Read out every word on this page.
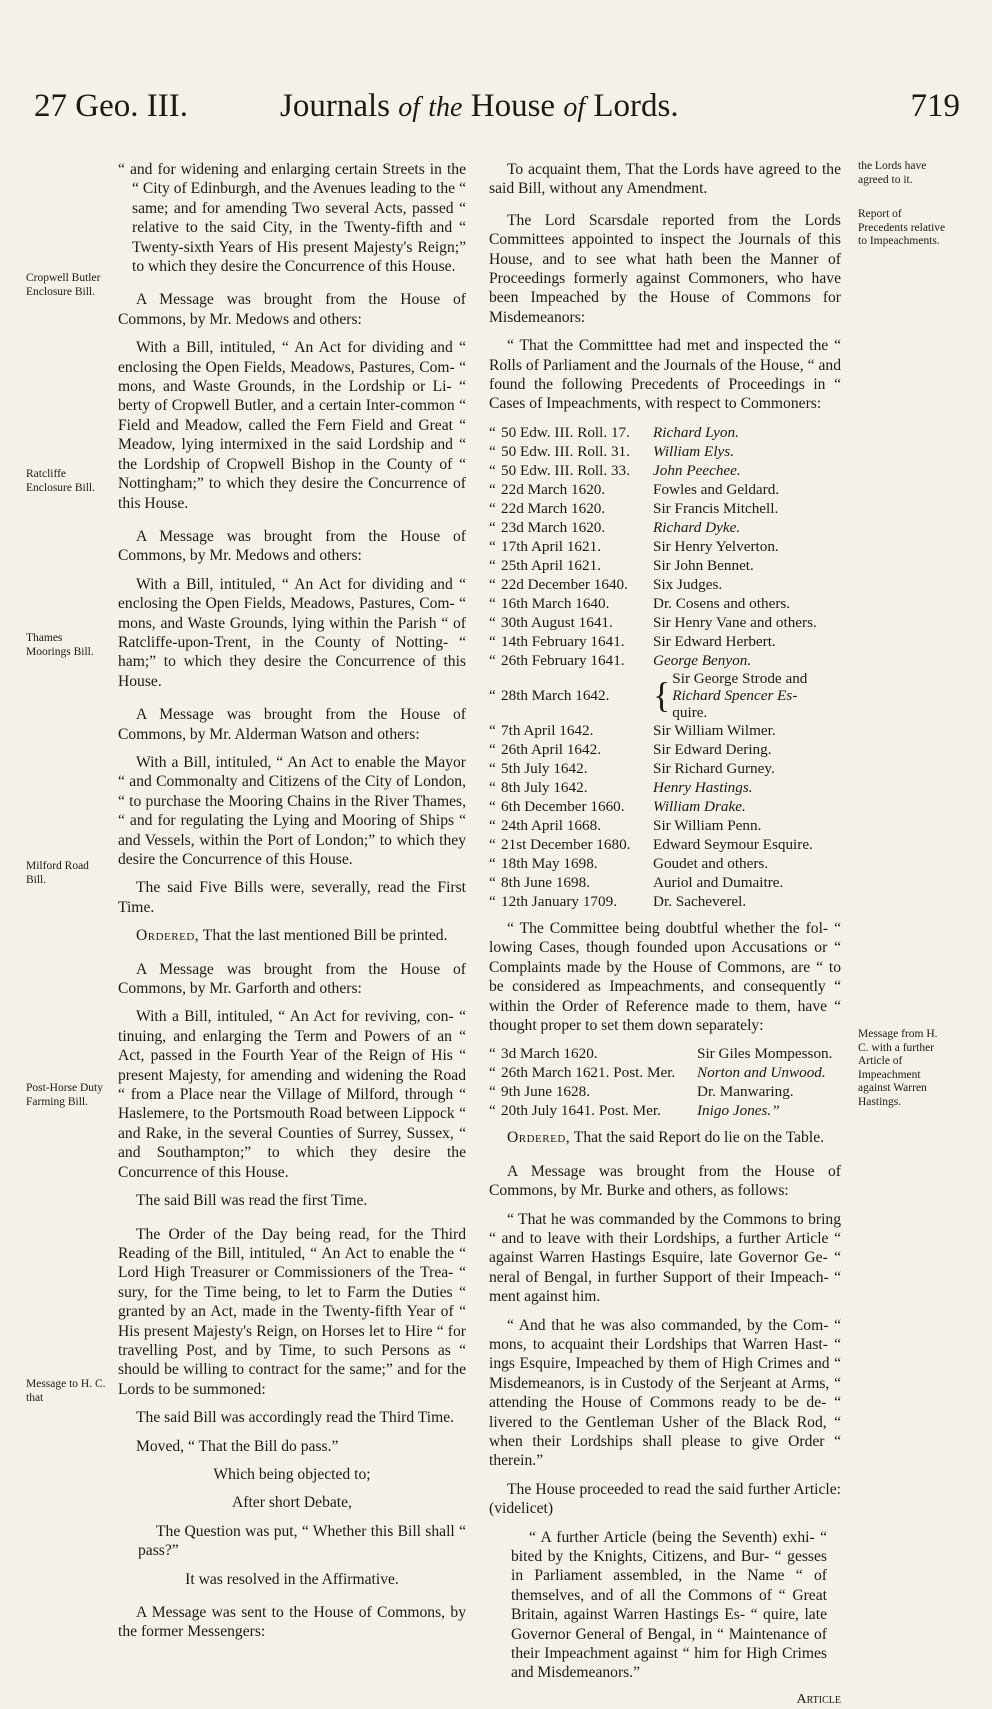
27 Geo. III.	Journals of the House of Lords.	719
Cropwell Butler Enclosure Bill.
Ratcliffe Enclosure Bill.
Thames Moorings Bill.
Milford Road Bill.
Post-Horse Duty Farming Bill.
Message to H. C. that
the Lords have agreed to it.
Report of Precedents relative to Impeachments.
Message from H. C. with a further Article of Impeachment against Warren Hastings.

“ and for widening and enlarging certain Streets in the “ City of Edinburgh, and the Avenues leading to the “ same; and for amending Two several Acts, passed “ relative to the said City, in the Twenty-fifth and “ Twenty-sixth Years of His present Majesty's Reign;” to which they desire the Concurrence of this House.

A Message was brought from the House of Commons, by Mr. Medows and others:

With a Bill, intituled, “ An Act for dividing and “ enclosing the Open Fields, Meadows, Pastures, Com- “ mons, and Waste Grounds, in the Lordship or Li- “ berty of Cropwell Butler, and a certain Inter-common “ Field and Meadow, called the Fern Field and Great “ Meadow, lying intermixed in the said Lordship and “ the Lordship of Cropwell Bishop in the County of “ Nottingham;” to which they desire the Concurrence of this House.

A Message was brought from the House of Commons, by Mr. Medows and others:

With a Bill, intituled, “ An Act for dividing and “ enclosing the Open Fields, Meadows, Pastures, Com- “ mons, and Waste Grounds, lying within the Parish “ of Ratcliffe-upon-Trent, in the County of Notting- “ ham;” to which they desire the Concurrence of this House.

A Message was brought from the House of Commons, by Mr. Alderman Watson and others:

With a Bill, intituled, “ An Act to enable the Mayor “ and Commonalty and Citizens of the City of London, “ to purchase the Mooring Chains in the River Thames, “ and for regulating the Lying and Mooring of Ships “ and Vessels, within the Port of London;” to which they desire the Concurrence of this House.

The said Five Bills were, severally, read the First Time.

Ordered, That the last mentioned Bill be printed.

A Message was brought from the House of Commons, by Mr. Garforth and others:

With a Bill, intituled, “ An Act for reviving, con- “ tinuing, and enlarging the Term and Powers of an “ Act, passed in the Fourth Year of the Reign of His “ present Majesty, for amending and widening the Road “ from a Place near the Village of Milford, through “ Haslemere, to the Portsmouth Road between Lippock “ and Rake, in the several Counties of Surrey, Sussex, “ and Southampton;” to which they desire the Concurrence of this House.

The said Bill was read the first Time.

The Order of the Day being read, for the Third Reading of the Bill, intituled, “ An Act to enable the “ Lord High Treasurer or Commissioners of the Trea- “ sury, for the Time being, to let to Farm the Duties “ granted by an Act, made in the Twenty-fifth Year of “ His present Majesty's Reign, on Horses let to Hire “ for travelling Post, and by Time, to such Persons as “ should be willing to contract for the same;” and for the Lords to be summoned:

The said Bill was accordingly read the Third Time.

Moved, “ That the Bill do pass.”

Which being objected to;

After short Debate,

The Question was put, “ Whether this Bill shall “ pass?”

It was resolved in the Affirmative.

A Message was sent to the House of Commons, by the former Messengers:

To acquaint them, That the Lords have agreed to the said Bill, without any Amendment.

The Lord Scarsdale reported from the Lords Committees appointed to inspect the Journals of this House, and to see what hath been the Manner of Proceedings formerly against Commoners, who have been Impeached by the House of Commons for Misdemeanors:

“ That the Committtee had met and inspected the “ Rolls of Parliament and the Journals of the House, “ and found the following Precedents of Proceedings in “ Cases of Impeachments, with respect to Commoners:

“	50 Edw. III. Roll. 17.	Richard Lyon.
“	50 Edw. III. Roll. 31.	William Elys.
“	50 Edw. III. Roll. 33.	John Peechee.
“	22d March 1620.	Fowles and Geldard.
“	22d March 1620.	Sir Francis Mitchell.
“	23d March 1620.	Richard Dyke.
“	17th April 1621.	Sir Henry Yelverton.
“	25th April 1621.	Sir John Bennet.
“	22d December 1640.	Six Judges.
“	16th March 1640.	Dr. Cosens and others.
“	30th August 1641.	Sir Henry Vane and others.
“	14th February 1641.	Sir Edward Herbert.
“	26th February 1641.	George Benyon.
“	28th March 1642.	{ Sir George Strode and
Richard Spencer Es-
quire.
“	7th April 1642.	Sir William Wilmer.
“	26th April 1642.	Sir Edward Dering.
“	5th July 1642.	Sir Richard Gurney.
“	8th July 1642.	Henry Hastings.
“	6th December 1660.	William Drake.
“	24th April 1668.	Sir William Penn.
“	21st December 1680.	Edward Seymour Esquire.
“	18th May 1698.	Goudet and others.
“	8th June 1698.	Auriol and Dumaitre.
“	12th January 1709.	Dr. Sacheverel.

“ The Committee being doubtful whether the fol- “ lowing Cases, though founded upon Accusations or “ Complaints made by the House of Commons, are “ to be considered as Impeachments, and consequently “ within the Order of Reference made to them, have “ thought proper to set them down separately:

“	3d March 1620.	Sir Giles Mompesson.
“	26th March 1621. Post. Mer.	Norton and Unwood.
“	9th June 1628.	Dr. Manwaring.
“	20th July 1641. Post. Mer.	Inigo Jones.”

Ordered, That the said Report do lie on the Table.

A Message was brought from the House of Commons, by Mr. Burke and others, as follows:

“ That he was commanded by the Commons to bring “ and to leave with their Lordships, a further Article “ against Warren Hastings Esquire, late Governor Ge- “ neral of Bengal, in further Support of their Impeach- “ ment against him.

“ And that he was also commanded, by the Com- “ mons, to acquaint their Lordships that Warren Hast- “ ings Esquire, Impeached by them of High Crimes and “ Misdemeanors, is in Custody of the Serjeant at Arms, “ attending the House of Commons ready to be de- “ livered to the Gentleman Usher of the Black Rod, “ when their Lordships shall please to give Order “ therein.”

The House proceeded to read the said further Article: (videlicet)

“ A further Article (being the Seventh) exhi- “ bited by the Knights, Citizens, and Bur- “ gesses in Parliament assembled, in the Name “ of themselves, and of all the Commons of “ Great Britain, against Warren Hastings Es- “ quire, late Governor General of Bengal, in “ Maintenance of their Impeachment against “ him for High Crimes and Misdemeanors.”

Article
